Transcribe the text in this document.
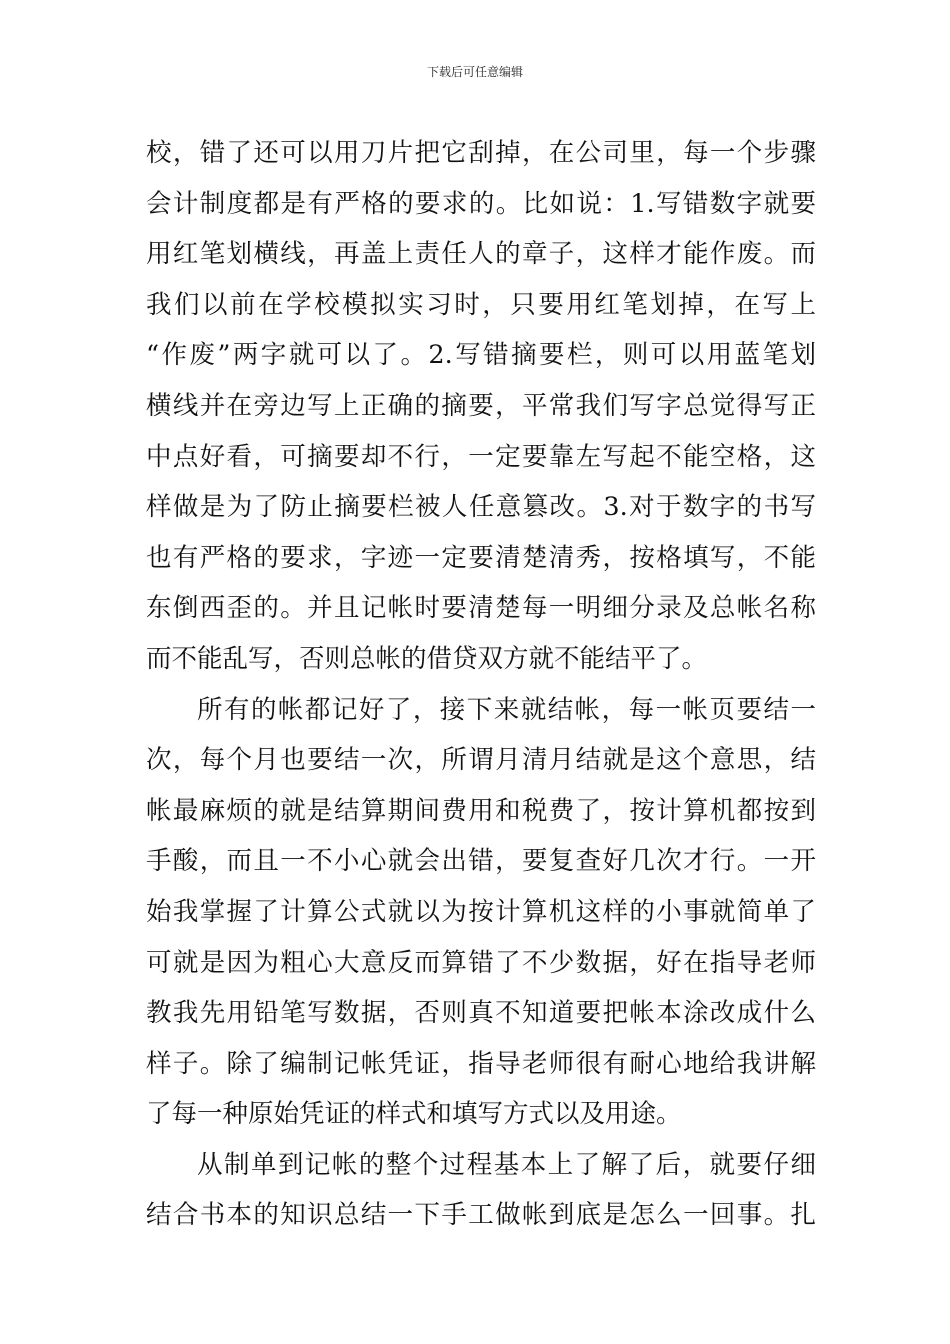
下载后可任意编辑
校，错了还可以用刀片把它刮掉，在公司里，每一个步骤
会计制度都是有严格的要求的。比如说：1.写错数字就要
用红笔划横线，再盖上责任人的章子，这样才能作废。而
我们以前在学校模拟实习时，只要用红笔划掉，在写上
“作废”两字就可以了。2.写错摘要栏，则可以用蓝笔划
横线并在旁边写上正确的摘要，平常我们写字总觉得写正
中点好看，可摘要却不行，一定要靠左写起不能空格，这
样做是为了防止摘要栏被人任意篡改。3.对于数字的书写
也有严格的要求，字迹一定要清楚清秀，按格填写，不能
东倒西歪的。并且记帐时要清楚每一明细分录及总帐名称
而不能乱写，否则总帐的借贷双方就不能结平了。
所有的帐都记好了，接下来就结帐，每一帐页要结一
次，每个月也要结一次，所谓月清月结就是这个意思，结
帐最麻烦的就是结算期间费用和税费了，按计算机都按到
手酸，而且一不小心就会出错，要复查好几次才行。一开
始我掌握了计算公式就以为按计算机这样的小事就简单了
可就是因为粗心大意反而算错了不少数据，好在指导老师
教我先用铅笔写数据，否则真不知道要把帐本涂改成什么
样子。除了编制记帐凭证，指导老师很有耐心地给我讲解
了每一种原始凭证的样式和填写方式以及用途。
从制单到记帐的整个过程基本上了解了后，就要仔细
结合书本的知识总结一下手工做帐到底是怎么一回事。扎
